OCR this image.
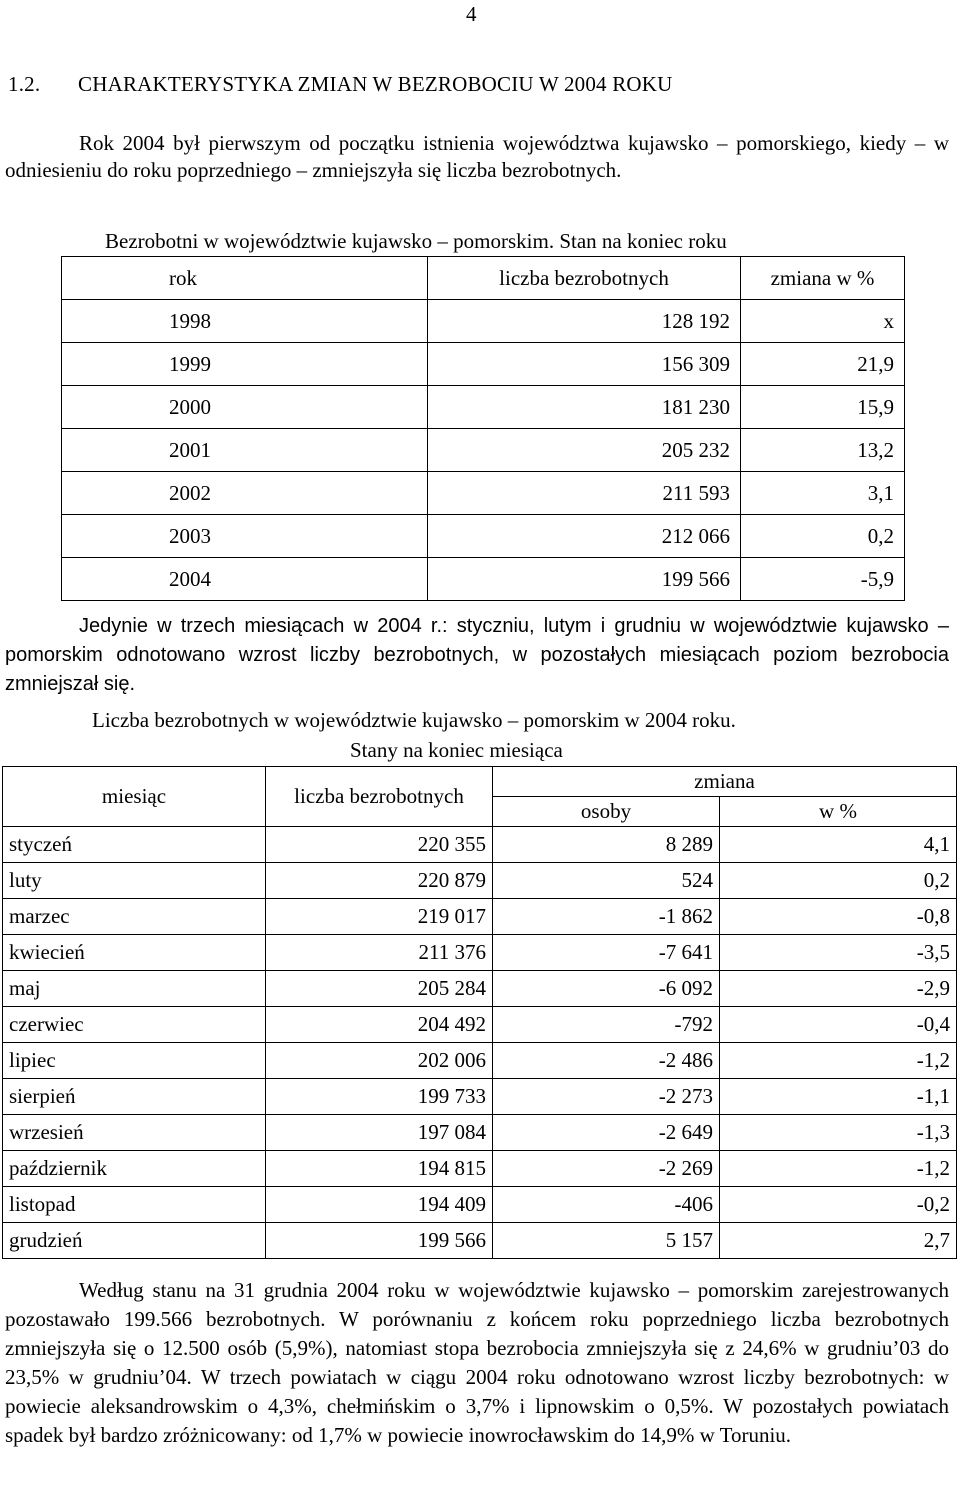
4
1.2. CHARAKTERYSTYKA ZMIAN W BEZROBOCIU W 2004 ROKU

Rok 2004 był pierwszym od początku istnienia województwa kujawsko – pomorskiego, kiedy – w odniesieniu do roku poprzedniego – zmniejszyła się liczba bezrobotnych.

Bezrobotni w województwie kujawsko – pomorskim. Stan na koniec roku
rok	liczba bezrobotnych	zmiana w %
1998	128 192	x
1999	156 309	21,9
2000	181 230	15,9
2001	205 232	13,2
2002	211 593	3,1
2003	212 066	0,2
2004	199 566	-5,9

Jedynie w trzech miesiącach w 2004 r.: styczniu, lutym i grudniu w województwie kujawsko – pomorskim odnotowano wzrost liczby bezrobotnych, w pozostałych miesiącach poziom bezrobocia zmniejszał się.

Liczba bezrobotnych w województwie kujawsko – pomorskim w 2004 roku.
Stany na koniec miesiąca
miesiąc	liczba bezrobotnych	zmiana	
		osoby	w %
styczeń	220 355	8 289	4,1
luty	220 879	524	0,2
marzec	219 017	-1 862	-0,8
kwiecień	211 376	-7 641	-3,5
maj	205 284	-6 092	-2,9
czerwiec	204 492	-792	-0,4
lipiec	202 006	-2 486	-1,2
sierpień	199 733	-2 273	-1,1
wrzesień	197 084	-2 649	-1,3
październik	194 815	-2 269	-1,2
listopad	194 409	-406	-0,2
grudzień	199 566	5 157	2,7

Według stanu na 31 grudnia 2004 roku w województwie kujawsko – pomorskim zarejestrowanych pozostawało 199.566 bezrobotnych. W porównaniu z końcem roku poprzedniego liczba bezrobotnych zmniejszyła się o 12.500 osób (5,9%), natomiast stopa bezrobocia zmniejszyła się z 24,6% w grudniu’03 do 23,5% w grudniu’04. W trzech powiatach w ciągu 2004 roku odnotowano wzrost liczby bezrobotnych: w powiecie aleksandrowskim o 4,3%, chełmińskim o 3,7% i lipnowskim o 0,5%. W pozostałych powiatach spadek był bardzo zróżnicowany: od 1,7% w powiecie inowrocławskim do 14,9% w Toruniu.
